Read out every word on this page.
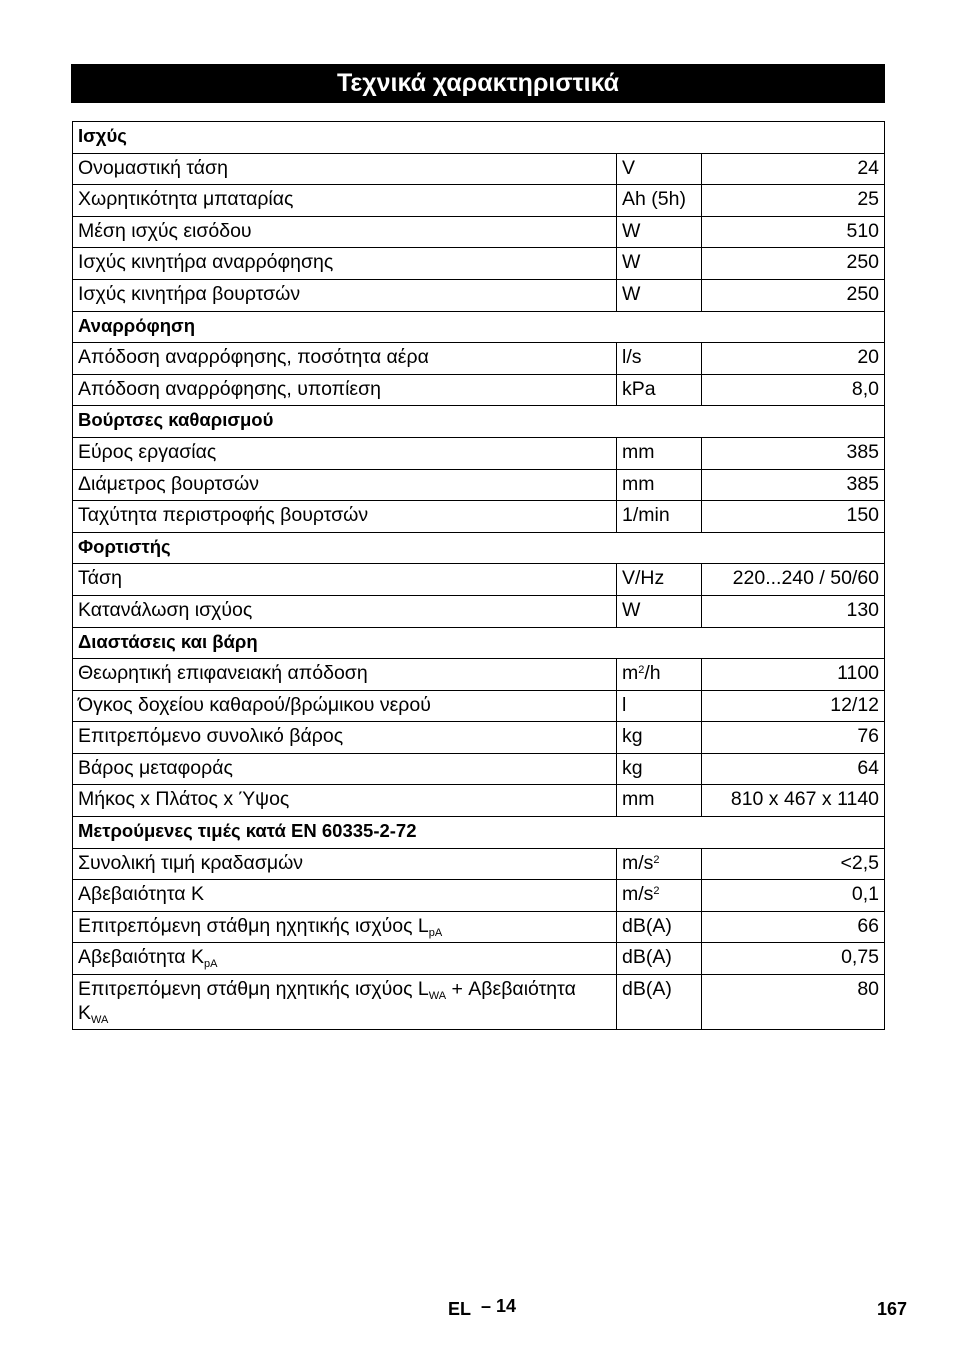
Τεχνικά χαρακτηριστικά
Ισχύς		
Ονομαστική τάση	V	24
Χωρητικότητα μπαταρίας	Ah (5h)	25
Μέση ισχύς εισόδου	W	510
Ισχύς κινητήρα αναρρόφησης	W	250
Ισχύς κινητήρα βουρτσών	W	250
Αναρρόφηση		
Απόδοση αναρρόφησης, ποσότητα αέρα	l/s	20
Απόδοση αναρρόφησης, υποπίεση	kPa	8,0
Βούρτσες καθαρισμού		
Εύρος εργασίας	mm	385
Διάμετρος βουρτσών	mm	385
Ταχύτητα περιστροφής βουρτσών	1/min	150
Φορτιστής		
Τάση	V/Hz	220...240 / 50/60
Κατανάλωση ισχύος	W	130
Διαστάσεις και βάρη		
Θεωρητική επιφανειακή απόδοση	$m^2/h$	1100
Όγκος δοχείου καθαρού/βρώμικου νερού	l	12/12
Επιτρεπόμενο συνολικό βάρος	kg	76
Βάρος μεταφοράς	kg	64
Μήκος x Πλάτος x Ύψος	mm	810 x 467 x 1140
Μετρούμενες τιμές κατά EN 60335-2-72		
Συνολική τιμή κραδασμών	$m/s^2$	<2,5
Αβεβαιότητα K	$m/s^2$	0,1
Επιτρεπόμενη στάθμη ηχητικής ισχύος $L_{pA}$	dB(A)	66
Αβεβαιότητα $K_{pA}$	dB(A)	0,75
Επιτρεπόμενη στάθμη ηχητικής ισχύος $L_{WA} + A\beta\varepsilon\beta\alpha\iota ό\tau\eta\tau\alpha$ $K_{WA}$	dB(A)	80
EL – 14	167
